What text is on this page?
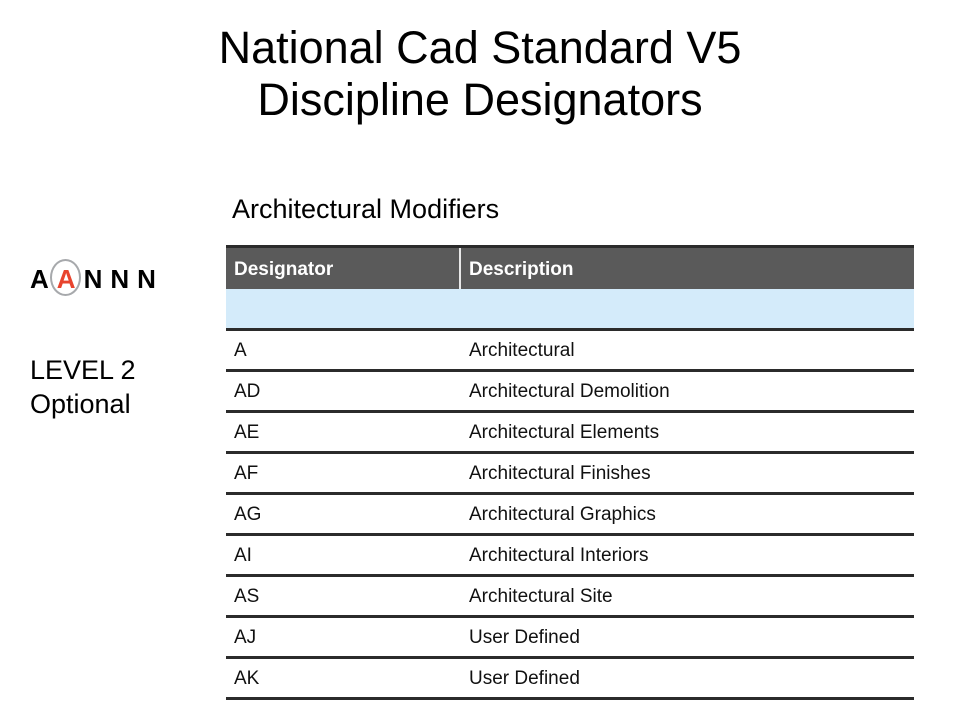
National Cad Standard V5
Discipline Designators
Architectural Modifiers
A A N N N
LEVEL 2
Optional
Designator	Description
A	Architectural
AD	Architectural Demolition
AE	Architectural Elements
AF	Architectural Finishes
AG	Architectural Graphics
AI	Architectural Interiors
AS	Architectural Site
AJ	User Defined
AK	User Defined
